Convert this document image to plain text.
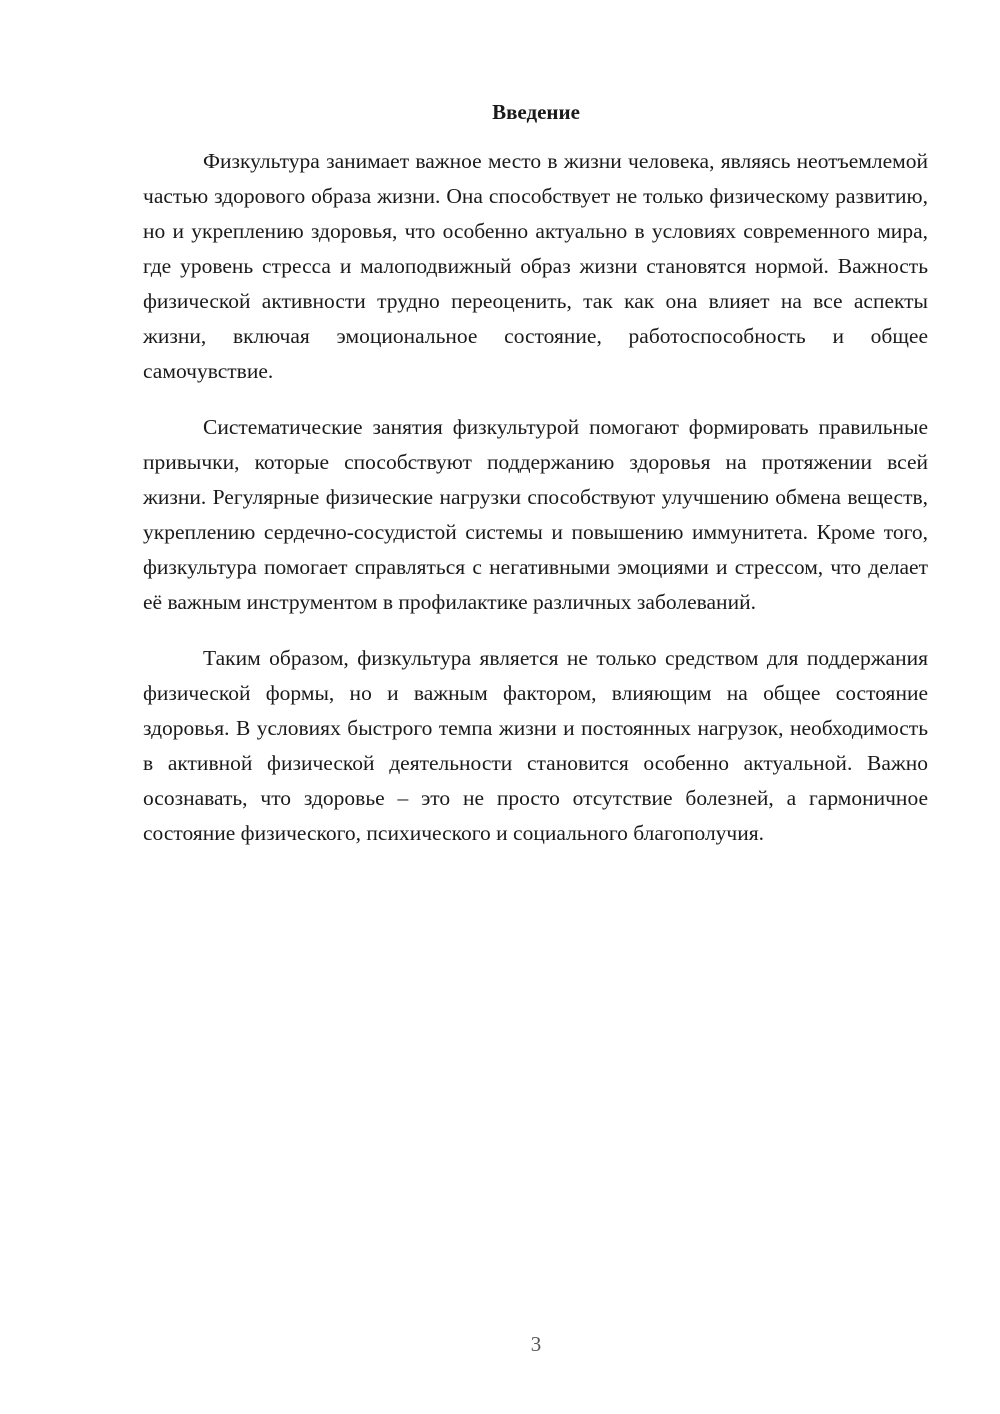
Введение

Физкультура занимает важное место в жизни человека, являясь неотъемлемой частью здорового образа жизни. Она способствует не только физическому развитию, но и укреплению здоровья, что особенно актуально в условиях современного мира, где уровень стресса и малоподвижный образ жизни становятся нормой. Важность физической активности трудно переоценить, так как она влияет на все аспекты жизни, включая эмоциональное состояние, работоспособность и общее самочувствие.

Систематические занятия физкультурой помогают формировать правильные привычки, которые способствуют поддержанию здоровья на протяжении всей жизни. Регулярные физические нагрузки способствуют улучшению обмена веществ, укреплению сердечно-сосудистой системы и повышению иммунитета. Кроме того, физкультура помогает справляться с негативными эмоциями и стрессом, что делает её важным инструментом в профилактике различных заболеваний.

Таким образом, физкультура является не только средством для поддержания физической формы, но и важным фактором, влияющим на общее состояние здоровья. В условиях быстрого темпа жизни и постоянных нагрузок, необходимость в активной физической деятельности становится особенно актуальной. Важно осознавать, что здоровье – это не просто отсутствие болезней, а гармоничное состояние физического, психического и социального благополучия.

3
